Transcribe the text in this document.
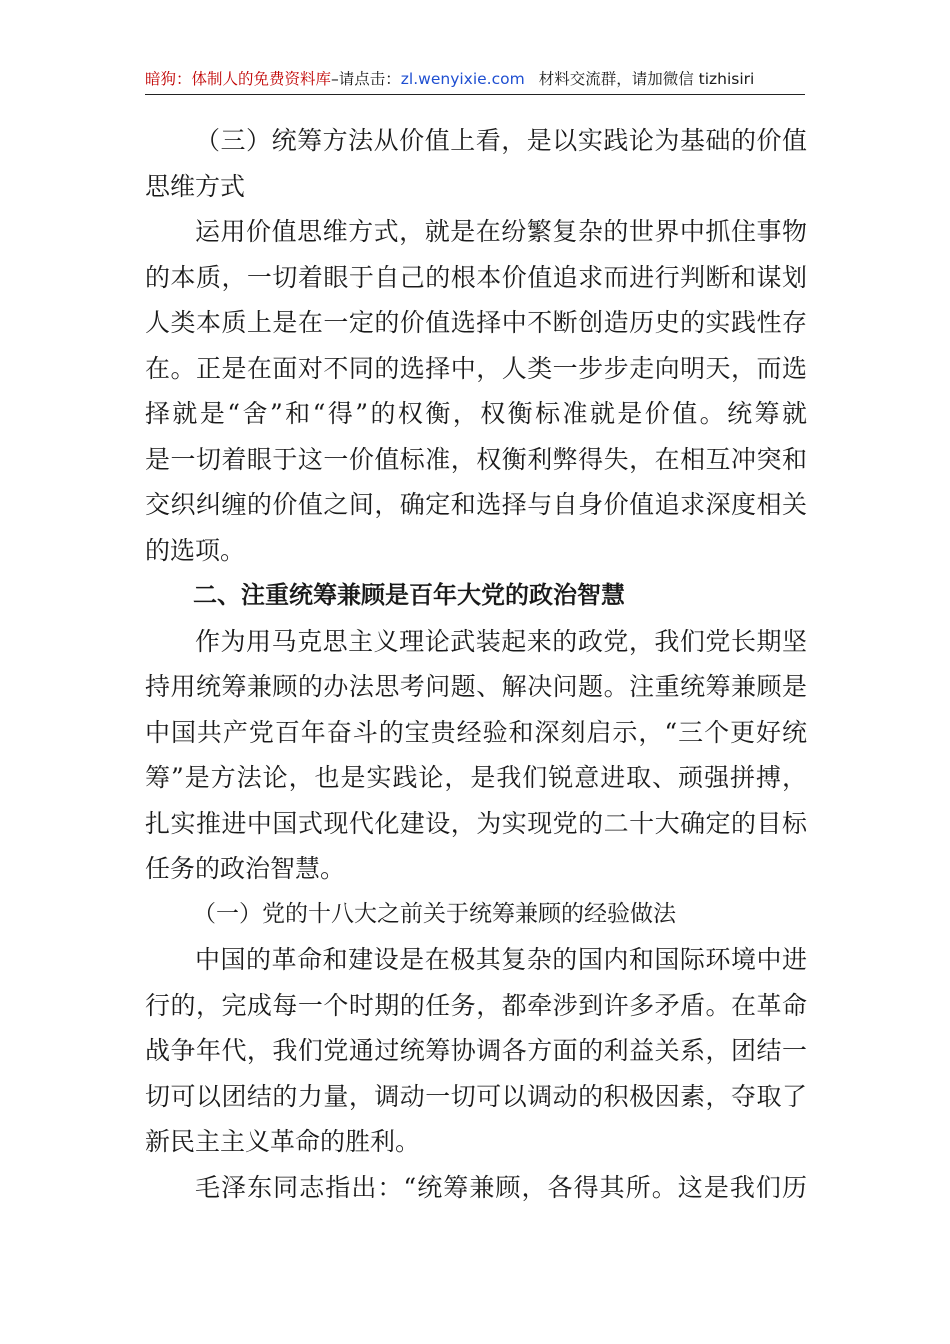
暗狗：体制人的免费资料库–请点击：zl.wenyixie.com 材料交流群，请加微信 tizhisiri
（三）统筹方法从价值上看，是以实践论为基础的价值
思维方式
运用价值思维方式，就是在纷繁复杂的世界中抓住事物
的本质，一切着眼于自己的根本价值追求而进行判断和谋划
人类本质上是在一定的价值选择中不断创造历史的实践性存
在。正是在面对不同的选择中，人类一步步走向明天，而选
择就是“舍”和“得”的权衡，权衡标准就是价值。统筹就
是一切着眼于这一价值标准，权衡利弊得失，在相互冲突和
交织纠缠的价值之间，确定和选择与自身价值追求深度相关
的选项。
二、注重统筹兼顾是百年大党的政治智慧
作为用马克思主义理论武装起来的政党，我们党长期坚
持用统筹兼顾的办法思考问题、解决问题。注重统筹兼顾是
中国共产党百年奋斗的宝贵经验和深刻启示，“三个更好统
筹”是方法论，也是实践论，是我们锐意进取、顽强拼搏，
扎实推进中国式现代化建设，为实现党的二十大确定的目标
任务的政治智慧。
（一）党的十八大之前关于统筹兼顾的经验做法
中国的革命和建设是在极其复杂的国内和国际环境中进
行的，完成每一个时期的任务，都牵涉到许多矛盾。在革命
战争年代，我们党通过统筹协调各方面的利益关系，团结一
切可以团结的力量，调动一切可以调动的积极因素，夺取了
新民主主义革命的胜利。
毛泽东同志指出：“统筹兼顾，各得其所。这是我们历
